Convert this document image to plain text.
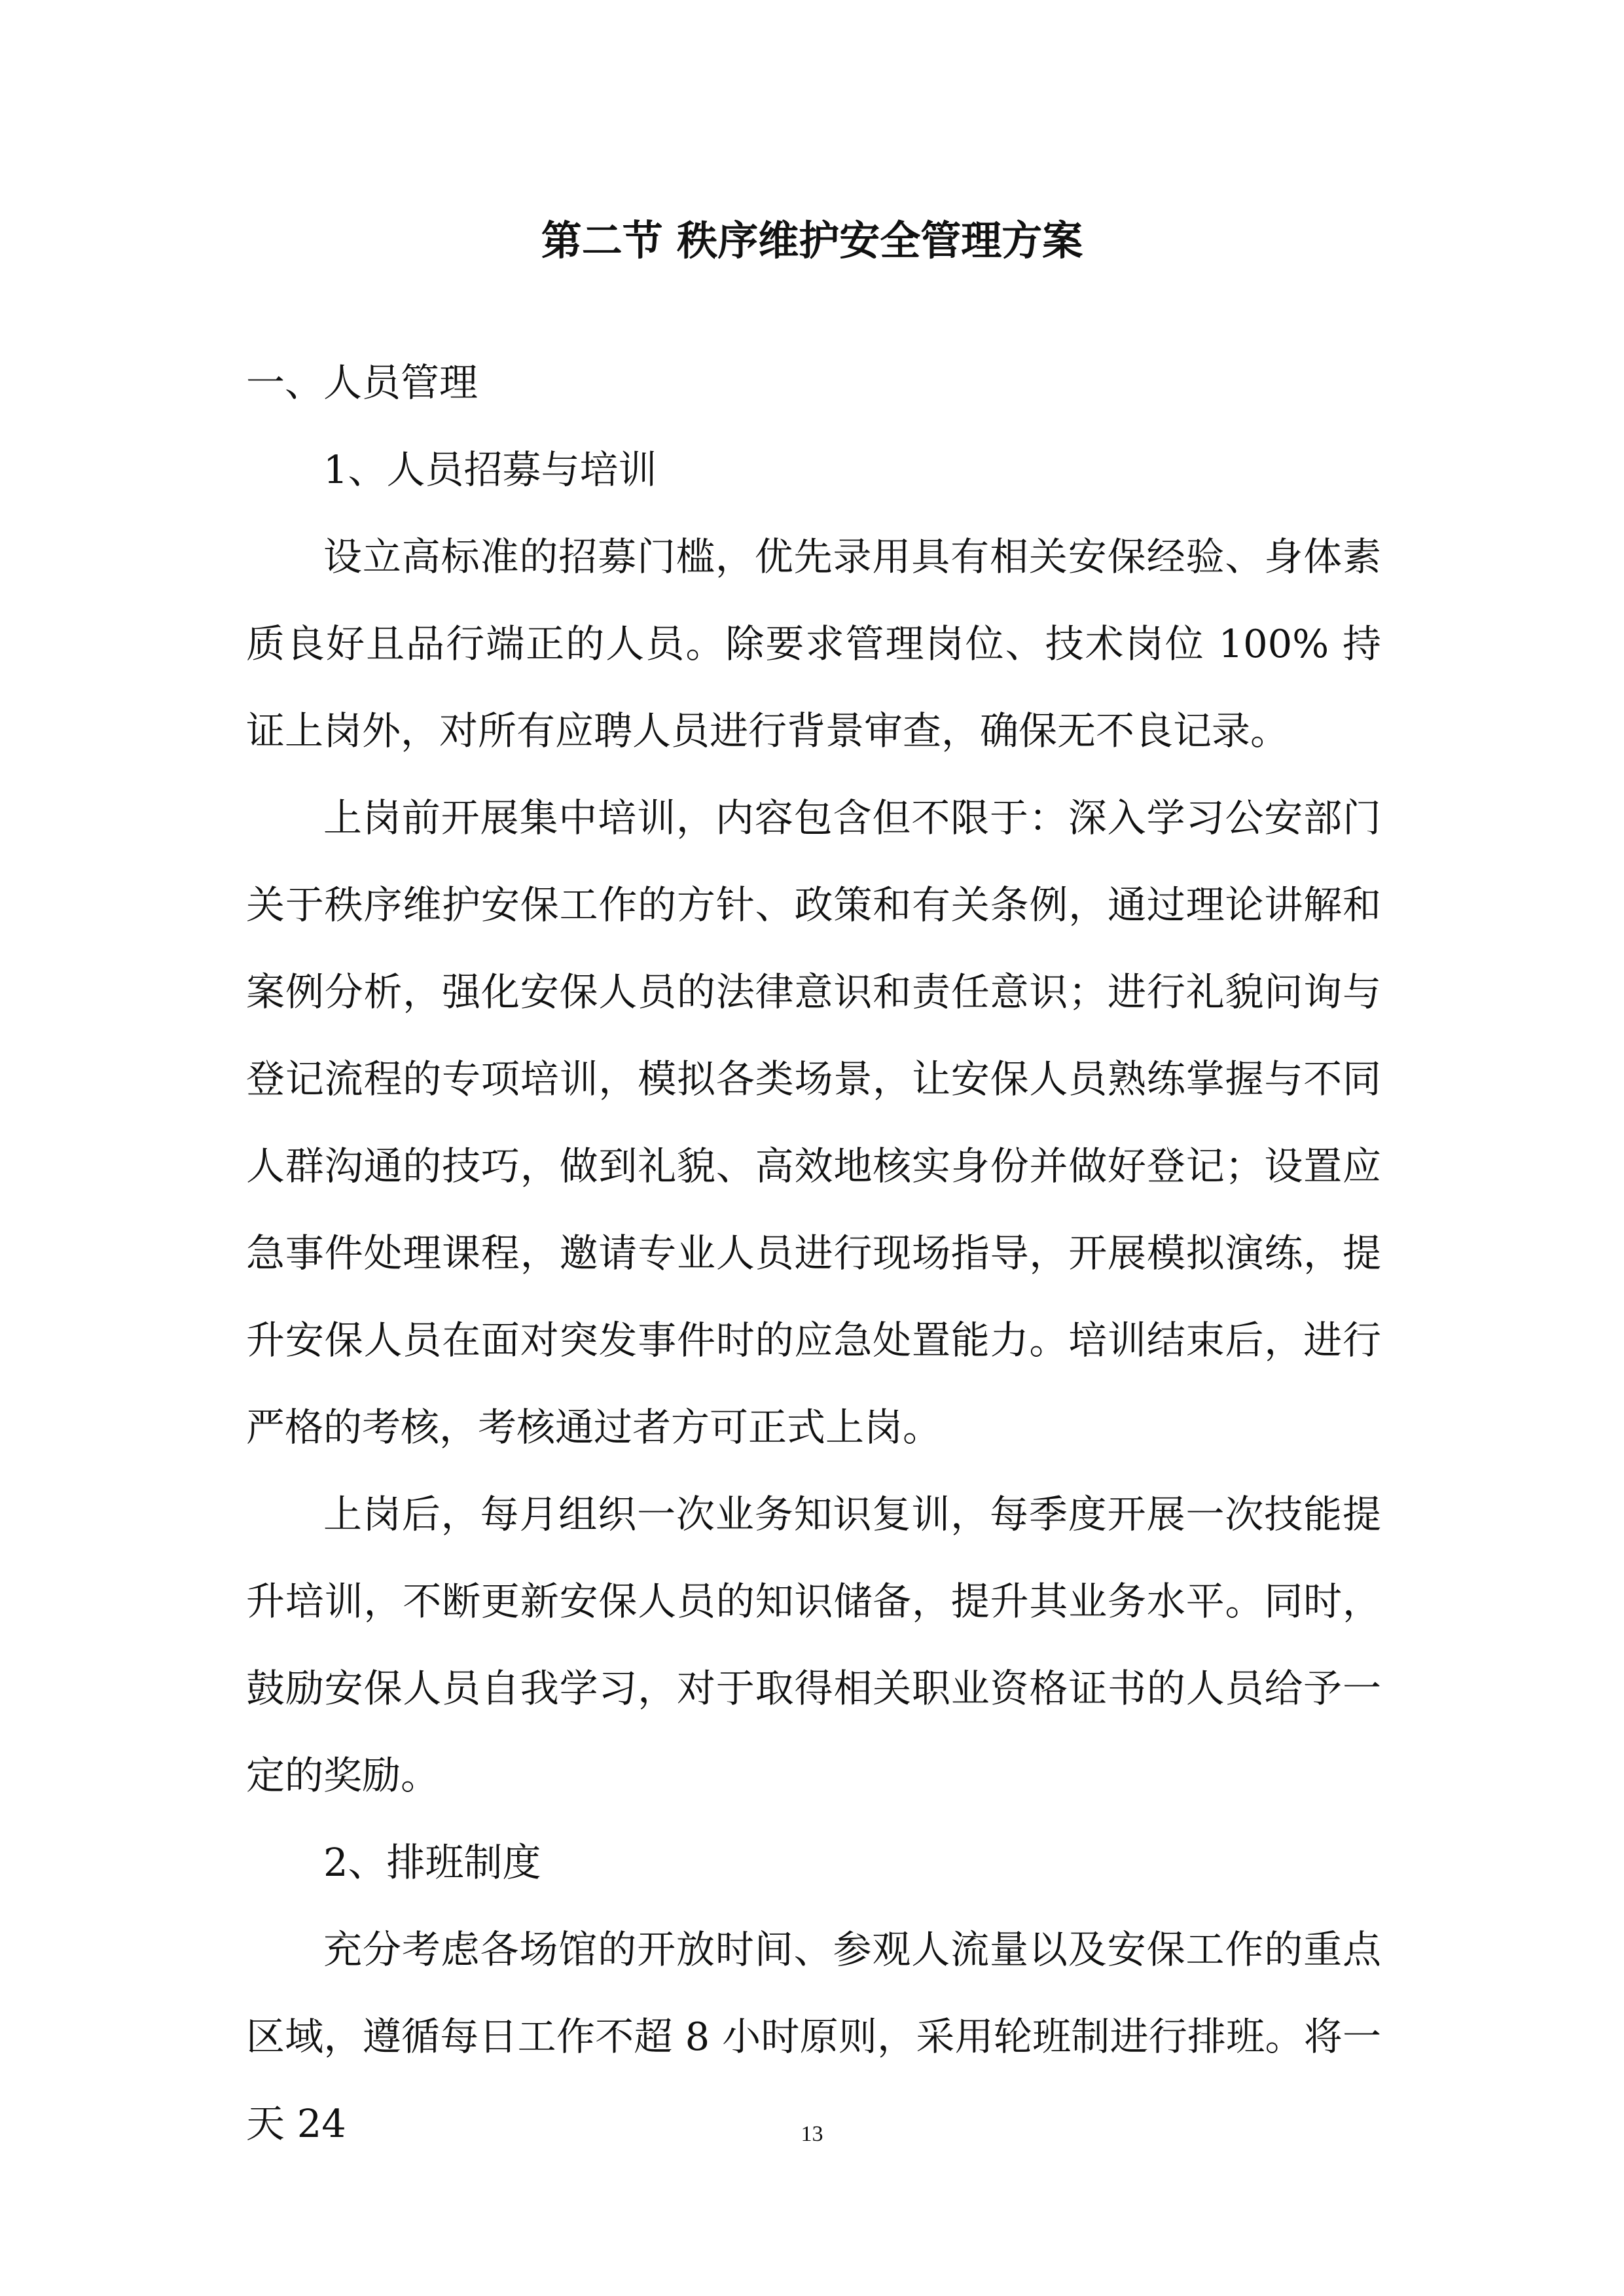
第二节 秩序维护安全管理方案

一、人员管理

1、人员招募与培训

设立高标准的招募门槛，优先录用具有相关安保经验、身体素质良好且品行端正的人员。除要求管理岗位、技术岗位 100% 持证上岗外，对所有应聘人员进行背景审查，确保无不良记录。

上岗前开展集中培训，内容包含但不限于：深入学习公安部门关于秩序维护安保工作的方针、政策和有关条例，通过理论讲解和案例分析，强化安保人员的法律意识和责任意识；进行礼貌问询与登记流程的专项培训，模拟各类场景，让安保人员熟练掌握与不同人群沟通的技巧，做到礼貌、高效地核实身份并做好登记；设置应急事件处理课程，邀请专业人员进行现场指导，开展模拟演练，提升安保人员在面对突发事件时的应急处置能力。培训结束后，进行严格的考核，考核通过者方可正式上岗。

上岗后，每月组织一次业务知识复训，每季度开展一次技能提升培训，不断更新安保人员的知识储备，提升其业务水平。同时，鼓励安保人员自我学习，对于取得相关职业资格证书的人员给予一定的奖励。

2、排班制度

充分考虑各场馆的开放时间、参观人流量以及安保工作的重点区域，遵循每日工作不超 8 小时原则，采用轮班制进行排班。将一天 24	13
